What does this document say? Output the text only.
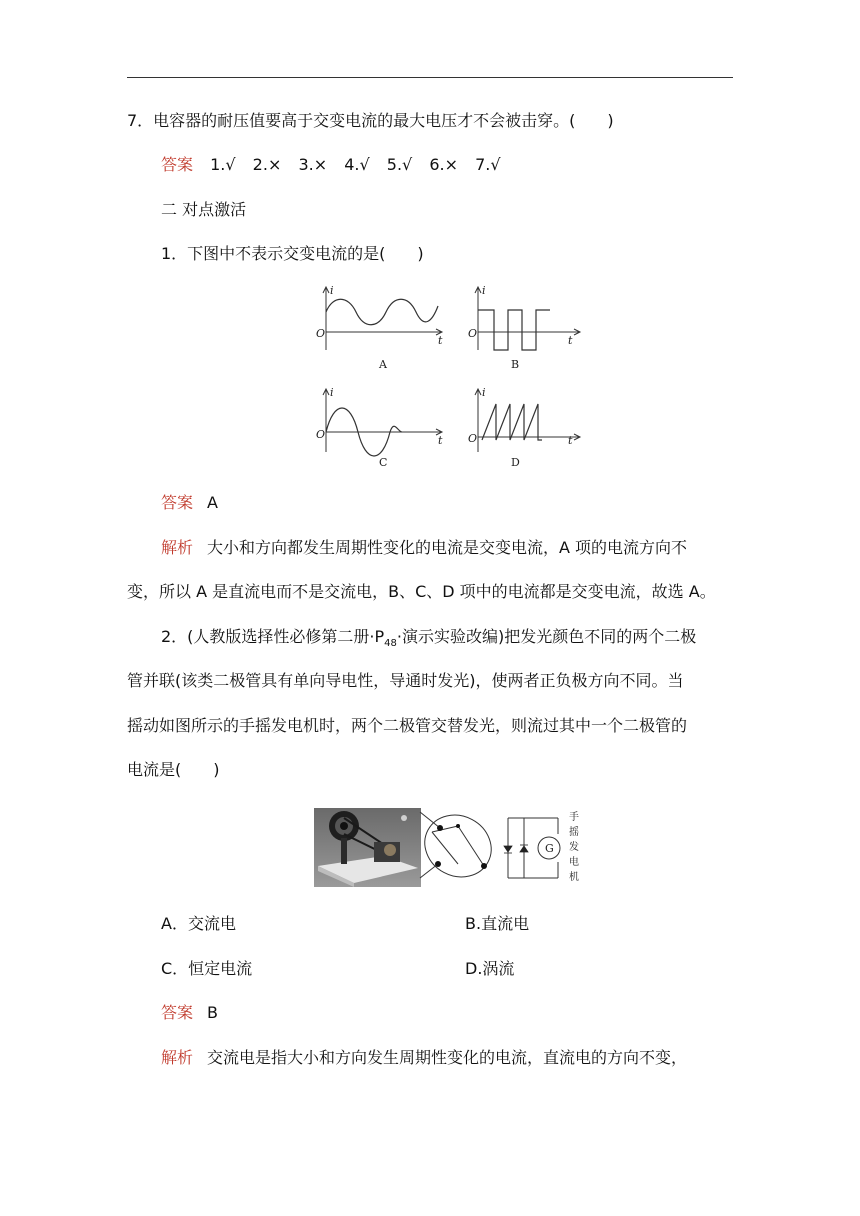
7．电容器的耐压值要高于交变电流的最大电压才不会被击穿。(　　)
答案 1.√ 2.× 3.× 4.√ 5.√ 6.× 7.√
二 对点激活
1．下图中不表示交变电流的是(　　)
i
t
O
A
i
t
O
B
i
t
O
C
i
t
O
D
答案 A
解析 大小和方向都发生周期性变化的电流是交变电流，A 项的电流方向不
变，所以 A 是直流电而不是交流电，B、C、D 项中的电流都是交变电流，故选 A。
2．(人教版选择性必修第二册$\cdot P_{48}\cdot$演示实验改编)把发光颜色不同的两个二极
管并联(该类二极管具有单向导电性，导通时发光)，使两者正负极方向不同。当
摇动如图所示的手摇发电机时，两个二极管交替发光，则流过其中一个二极管的
电流是(　　)
G
手
摇
发
电
机
A．交流电	B.直流电
C．恒定电流	D.涡流
答案 B
解析 交流电是指大小和方向发生周期性变化的电流，直流电的方向不变，
